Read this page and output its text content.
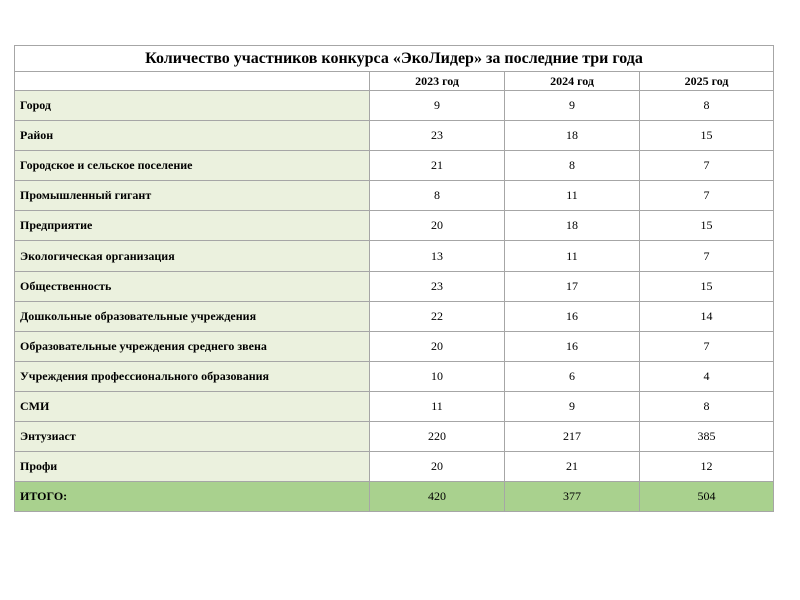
Количество участников конкурса «ЭкоЛидер» за последние три года			
	2023 год	2024 год	2025 год
Город	9	9	8
Район	23	18	15
Городское и сельское поселение	21	8	7
Промышленный гигант	8	11	7
Предприятие	20	18	15
Экологическая организация	13	11	7
Общественность	23	17	15
Дошкольные образовательные учреждения	22	16	14
Образовательные учреждения среднего звена	20	16	7
Учреждения профессионального образования	10	6	4
СМИ	11	9	8
Энтузиаст	220	217	385
Профи	20	21	12
ИТОГО:	420	377	504
